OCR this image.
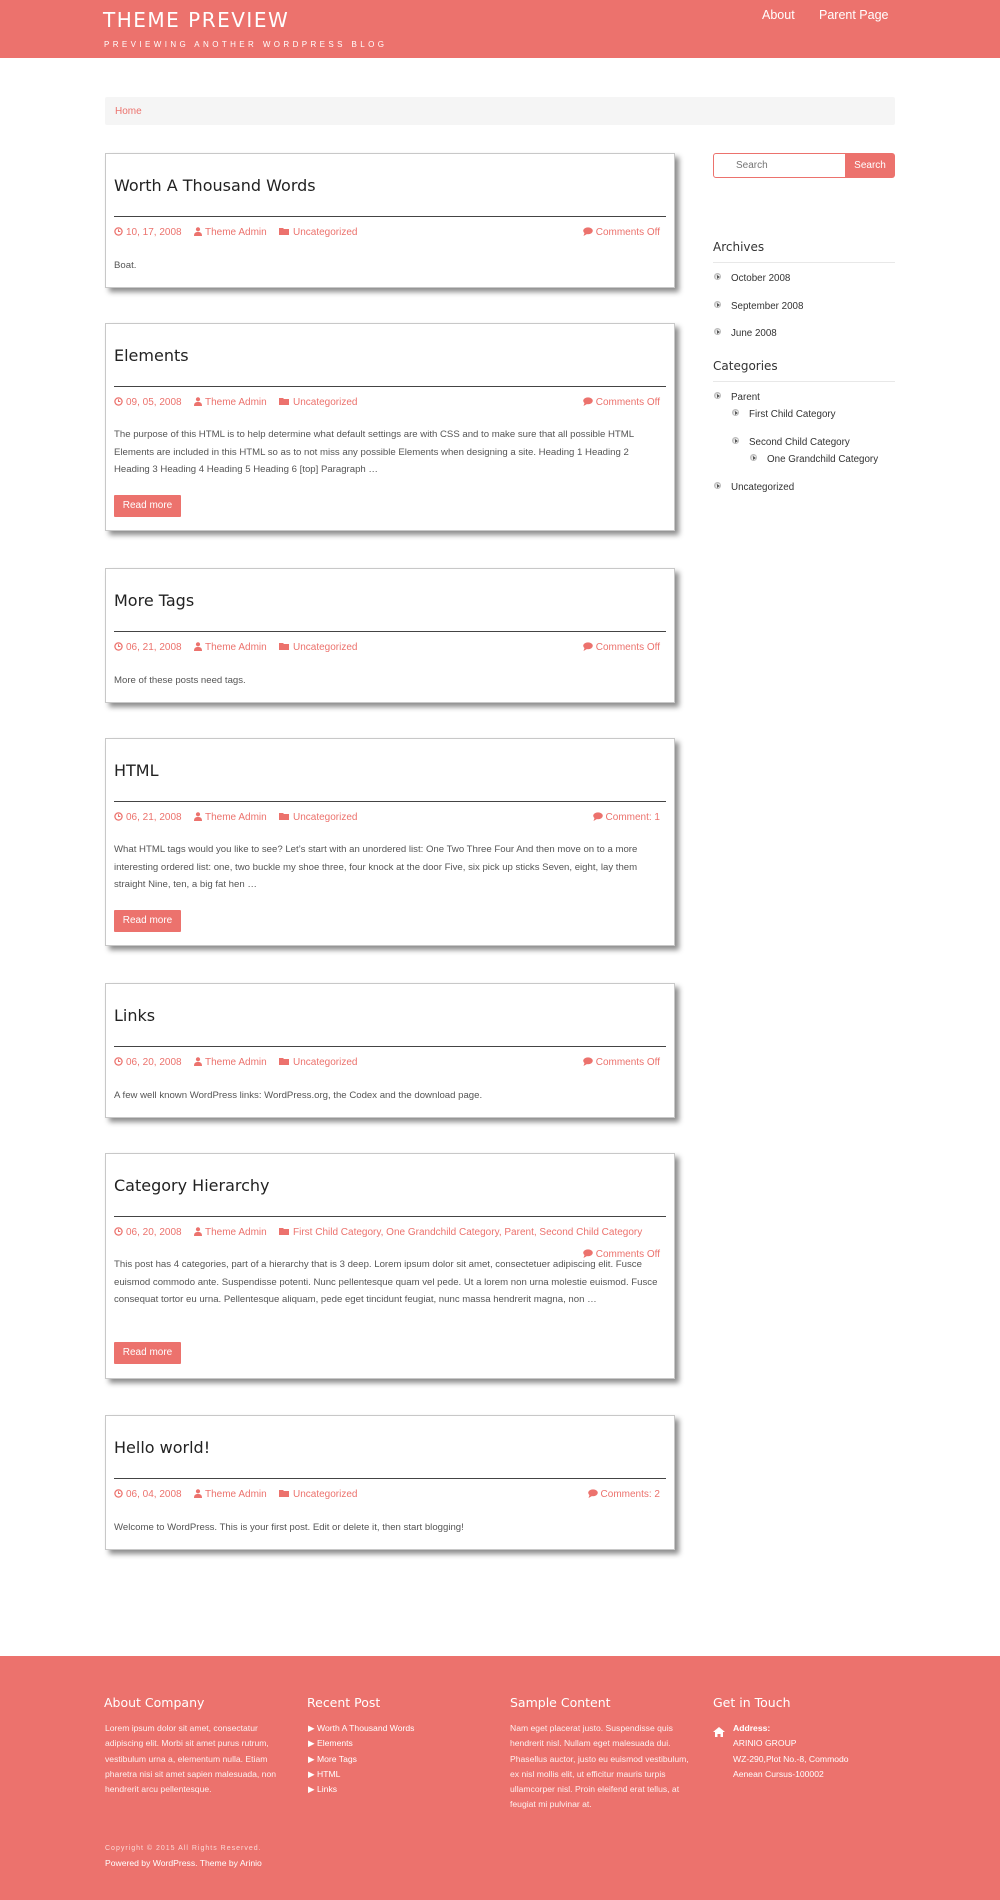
THEME PREVIEW
PREVIEWING ANOTHER WORDPRESS BLOG
About Parent Page
Home
Worth A Thousand Words
10, 17, 2008	Theme Admin	Uncategorized	Comments Off

Boat.

Elements
09, 05, 2008	Theme Admin	Uncategorized	Comments Off

The purpose of this HTML is to help determine what default settings are with CSS and to make sure that all possible HTML Elements are included in this HTML so as to not miss any possible Elements when designing a site. Heading 1 Heading 2 Heading 3 Heading 4 Heading 5 Heading 6 [top] Paragraph …

Read more
More Tags
06, 21, 2008	Theme Admin	Uncategorized	Comments Off

More of these posts need tags.

HTML
06, 21, 2008	Theme Admin	Uncategorized	Comment: 1

What HTML tags would you like to see? Let’s start with an unordered list: One Two Three Four And then move on to a more interesting ordered list: one, two buckle my shoe three, four knock at the door Five, six pick up sticks Seven, eight, lay them straight Nine, ten, a big fat hen …

Read more
Links
06, 20, 2008	Theme Admin	Uncategorized	Comments Off

A few well known WordPress links: WordPress.org, the Codex and the download page.

Category Hierarchy
06, 20, 2008	Theme Admin	First Child Category, One Grandchild Category, Parent, Second Child Category
Comments Off

This post has 4 categories, part of a hierarchy that is 3 deep. Lorem ipsum dolor sit amet, consectetuer adipiscing elit. Fusce euismod commodo ante. Suspendisse potenti. Nunc pellentesque quam vel pede. Ut a lorem non urna molestie euismod. Fusce consequat tortor eu urna. Pellentesque aliquam, pede eget tincidunt feugiat, nunc massa hendrerit magna, non …

Read more
Hello world!
06, 04, 2008	Theme Admin	Uncategorized	Comments: 2

Welcome to WordPress. This is your first post. Edit or delete it, then start blogging!

Search
Search
Archives
October 2008
September 2008
June 2008
Categories
Parent
First Child Category
Second Child Category
One Grandchild Category
Uncategorized
About Company

Lorem ipsum dolor sit amet, consectatur adipiscing elit. Morbi sit amet purus rutrum, vestibulum urna a, elementum nulla. Etiam pharetra nisi sit amet sapien malesuada, non hendrerit arcu pellentesque.

Recent Post
▶ Worth A Thousand Words
▶ Elements
▶ More Tags
▶ HTML
▶ Links
Sample Content

Nam eget placerat justo. Suspendisse quis hendrerit nisl. Nullam eget malesuada dui. Phasellus auctor, justo eu euismod vestibulum, ex nisl mollis elit, ut efficitur mauris turpis ullamcorper nisl. Proin eleifend erat tellus, at feugiat mi pulvinar at.

Get in Touch
Address:
ARINIO GROUP
WZ-290,Plot No.-8, Commodo
Aenean Cursus-100002
Copyright © 2015 All Rights Reserved.
Powered by WordPress. Theme by Arinio
